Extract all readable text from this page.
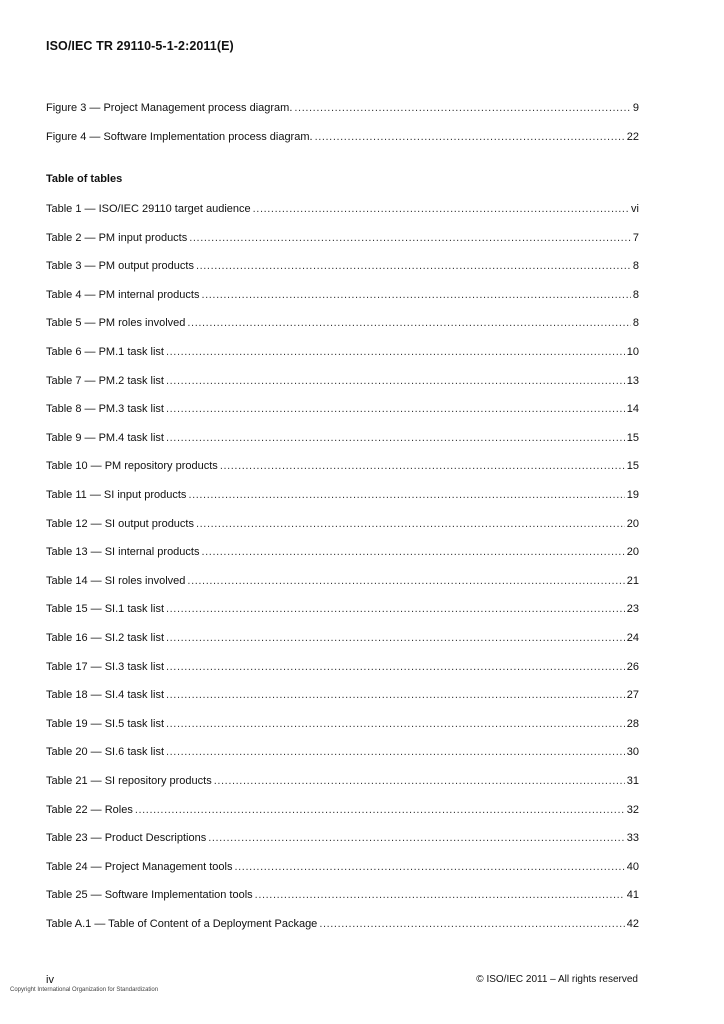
ISO/IEC TR 29110-5-1-2:2011(E)
Figure 3 — Project Management process diagram. .....	9
Figure 4 — Software Implementation process diagram. .....	22
Table of tables
Table 1 — ISO/IEC 29110 target audience .....	vi
Table 2 — PM input products .....	7
Table 3 — PM output products .....	8
Table 4 — PM internal products .....	8
Table 5 — PM roles involved .....	8
Table 6 — PM.1 task list .....	10
Table 7 — PM.2 task list .....	13
Table 8 — PM.3 task list .....	14
Table 9 — PM.4 task list .....	15
Table 10 — PM repository products .....	15
Table 11 — SI input products .....	19
Table 12 — SI output products .....	20
Table 13 — SI internal products .....	20
Table 14 — SI roles involved .....	21
Table 15 — SI.1 task list .....	23
Table 16 — SI.2 task list .....	24
Table 17 — SI.3 task list .....	26
Table 18 — SI.4 task list .....	27
Table 19 — SI.5 task list .....	28
Table 20 — SI.6 task list .....	30
Table 21 — SI repository products .....	31
Table 22 — Roles .....	32
Table 23 — Product Descriptions .....	33
Table 24 — Project Management tools .....	40
Table 25 — Software Implementation tools .....	41
Table A.1 — Table of Content of a Deployment Package .....	42
iv	© ISO/IEC 2011 – All rights reserved
Copyright International Organization for Standardization
